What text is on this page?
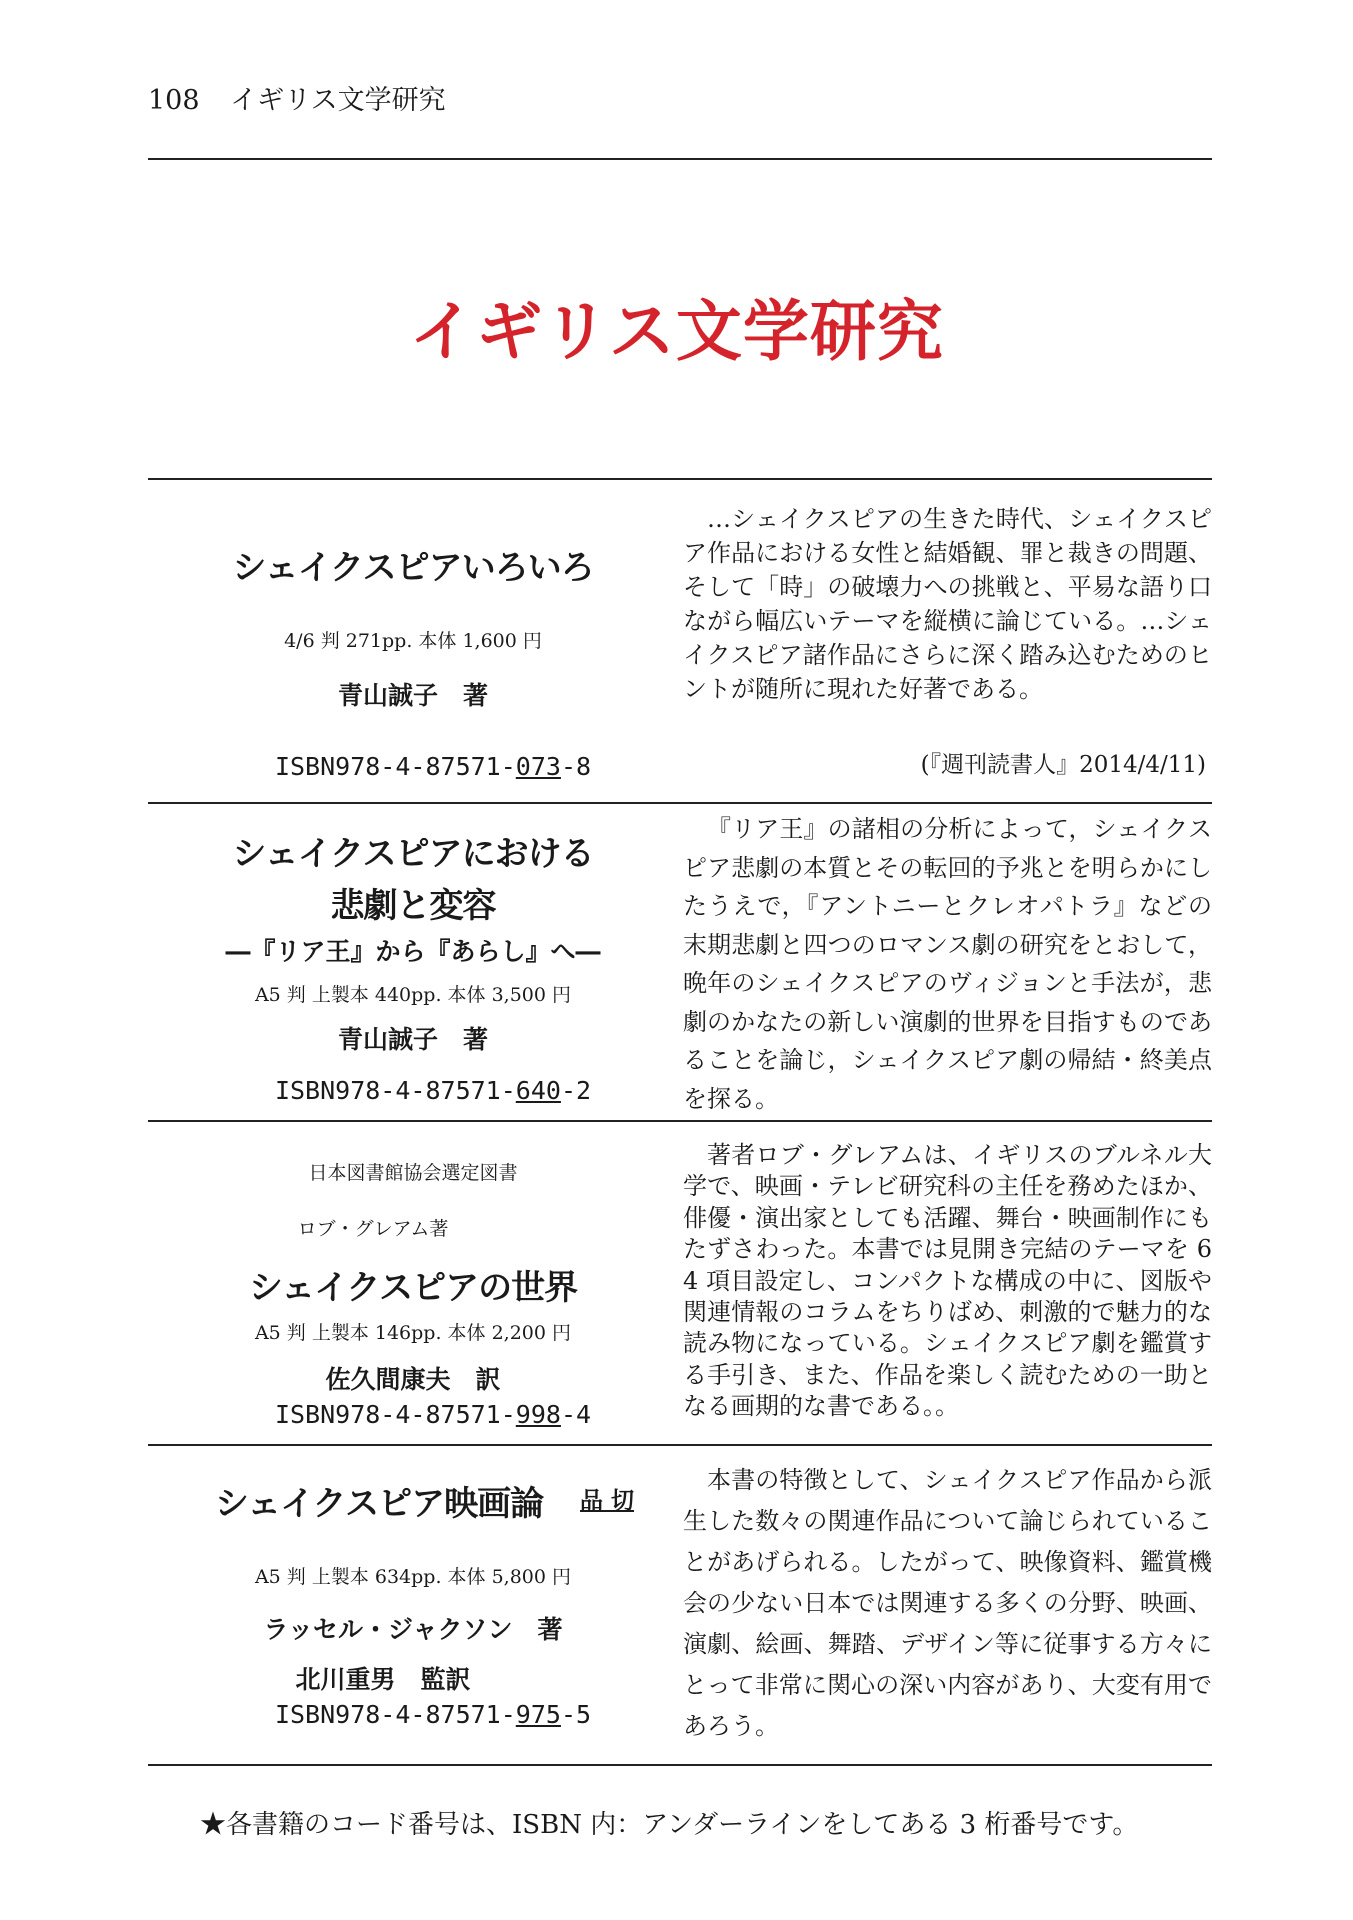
108 イギリス文学研究
イギリス文学研究
シェイクスピアいろいろ
4/6 判 271pp. 本体 1,600 円
青山誠子　著
ISBN978-4-87571-073-8

…シェイクスピアの生きた時代、シェイクスピア作品における女性と結婚観、罪と裁きの問題、そして「時」の破壊力への挑戦と、平易な語り口ながら幅広いテーマを縦横に論じている。…シェイクスピア諸作品にさらに深く踏み込むためのヒントが随所に現れた好著である。

(『週刊読書人』2014/4/11)
シェイクスピアにおける
悲劇と変容
―『リア王』から『あらし』へ―
A5 判 上製本 440pp. 本体 3,500 円
青山誠子　著
ISBN978-4-87571-640-2

『リア王』の諸相の分析によって，シェイクスピア悲劇の本質とその転回的予兆とを明らかにしたうえで，『アントニーとクレオパトラ』などの末期悲劇と四つのロマンス劇の研究をとおして，晩年のシェイクスピアのヴィジョンと手法が，悲劇のかなたの新しい演劇的世界を目指すものであることを論じ，シェイクスピア劇の帰結・終美点を探る。

日本図書館協会選定図書
ロブ・グレアム著
シェイクスピアの世界
A5 判 上製本 146pp. 本体 2,200 円
佐久間康夫　訳
ISBN978-4-87571-998-4

著者ロブ・グレアムは、イギリスのブルネル大学で、映画・テレビ研究科の主任を務めたほか、俳優・演出家としても活躍、舞台・映画制作にもたずさわった。本書では見開き完結のテーマを 64 項目設定し、コンパクトな構成の中に、図版や関連情報のコラムをちりばめ、刺激的で魅力的な読み物になっている。シェイクスピア劇を鑑賞する手引き、また、作品を楽しく読むための一助となる画期的な書である。。

シェイクスピア映画論	品 切
A5 判 上製本 634pp. 本体 5,800 円
ラッセル・ジャクソン　著
北川重男　監訳
ISBN978-4-87571-975-5

本書の特徴として、シェイクスピア作品から派生した数々の関連作品について論じられていることがあげられる。したがって、映像資料、鑑賞機会の少ない日本では関連する多くの分野、映画、演劇、絵画、舞踏、デザイン等に従事する方々にとって非常に関心の深い内容があり、大変有用であろう。

★各書籍のコード番号は、ISBN 内：アンダーラインをしてある 3 桁番号です。
